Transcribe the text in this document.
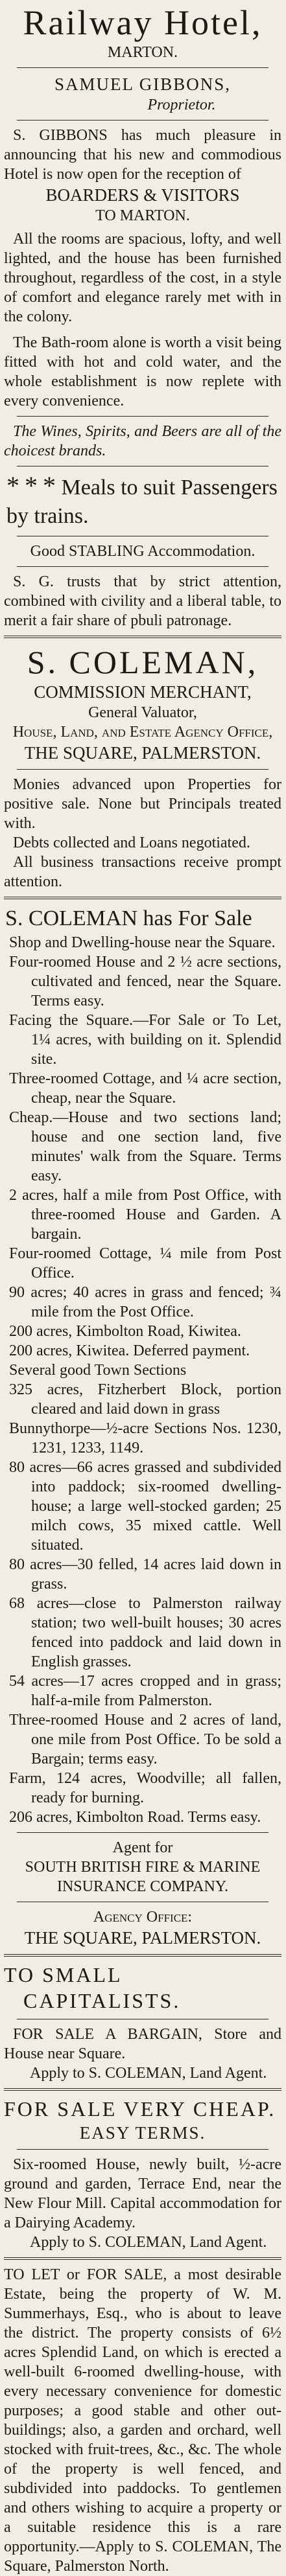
Railway Hotel,

MARTON.

SAMUEL GIBBONS,

Proprietor.

S. GIBBONS has much pleasure in announcing that his new and commodious Hotel is now open for the reception of

BOARDERS & VISITORS

TO MARTON.

All the rooms are spacious, lofty, and well lighted, and the house has been furnished throughout, regardless of the cost, in a style of comfort and elegance rarely met with in the colony.

The Bath-room alone is worth a visit being fitted with hot and cold water, and the whole establishment is now replete with every convenience.

The Wines, Spirits, and Beers are all of the choicest brands.

* * * Meals to suit Passengers by trains.

Good STABLING Accommodation.

S. G. trusts that by strict attention, combined with civility and a liberal table, to merit a fair share of pbuli patronage.

S. COLEMAN,

COMMISSION MERCHANT,

General Valuator,

House, Land, and Estate Agency Office,

THE SQUARE, PALMERSTON.

Monies advanced upon Properties for positive sale. None but Principals treated with.

Debts collected and Loans negotiated.

All business transactions receive prompt attention.

S. COLEMAN has For Sale

Shop and Dwelling-house near the Square.

Four-roomed House and 2 ½ acre sections, cultivated and fenced, near the Square. Terms easy.

Facing the Square.—For Sale or To Let, 1¼ acres, with building on it. Splendid site.

Three-roomed Cottage, and ¼ acre section, cheap, near the Square.

Cheap.—House and two sections land; house and one section land, five minutes' walk from the Square. Terms easy.

2 acres, half a mile from Post Office, with three-roomed House and Garden. A bargain.

Four-roomed Cottage, ¼ mile from Post Office.

90 acres; 40 acres in grass and fenced; ¾ mile from the Post Office.

200 acres, Kimbolton Road, Kiwitea.

200 acres, Kiwitea. Deferred payment.

Several good Town Sections

325 acres, Fitzherbert Block, portion cleared and laid down in grass

Bunnythorpe—½-acre Sections Nos. 1230, 1231, 1233, 1149.

80 acres—66 acres grassed and subdivided into paddock; six-roomed dwelling-house; a large well-stocked garden; 25 milch cows, 35 mixed cattle. Well situated.

80 acres—30 felled, 14 acres laid down in grass.

68 acres—close to Palmerston railway station; two well-built houses; 30 acres fenced into paddock and laid down in English grasses.

54 acres—17 acres cropped and in grass; half-a-mile from Palmerston.

Three-roomed House and 2 acres of land, one mile from Post Office. To be sold a Bargain; terms easy.

Farm, 124 acres, Woodville; all fallen, ready for burning.

206 acres, Kimbolton Road. Terms easy.

Agent for

SOUTH BRITISH FIRE & MARINE INSURANCE COMPANY.

Agency Office:

THE SQUARE, PALMERSTON.

TO SMALL CAPITALISTS.

FOR SALE A BARGAIN, Store and House near Square.

Apply to S. COLEMAN, Land Agent.

FOR SALE VERY CHEAP.

EASY TERMS.

Six-roomed House, newly built, ½-acre ground and garden, Terrace End, near the New Flour Mill. Capital accommodation for a Dairying Academy.

Apply to S. COLEMAN, Land Agent.

TO LET or FOR SALE, a most desirable Estate, being the property of W. M. Summerhays, Esq., who is about to leave the district. The property consists of 6½ acres Splendid Land, on which is erected a well-built 6-roomed dwelling-house, with every necessary convenience for domestic purposes; a good stable and other out-buildings; also, a garden and orchard, well stocked with fruit-trees, &c., &c. The whole of the property is well fenced, and subdivided into paddocks. To gentlemen and others wishing to acquire a property or a suitable residence this is a rare opportunity.—Apply to S. COLEMAN, The Square, Palmerston North.
